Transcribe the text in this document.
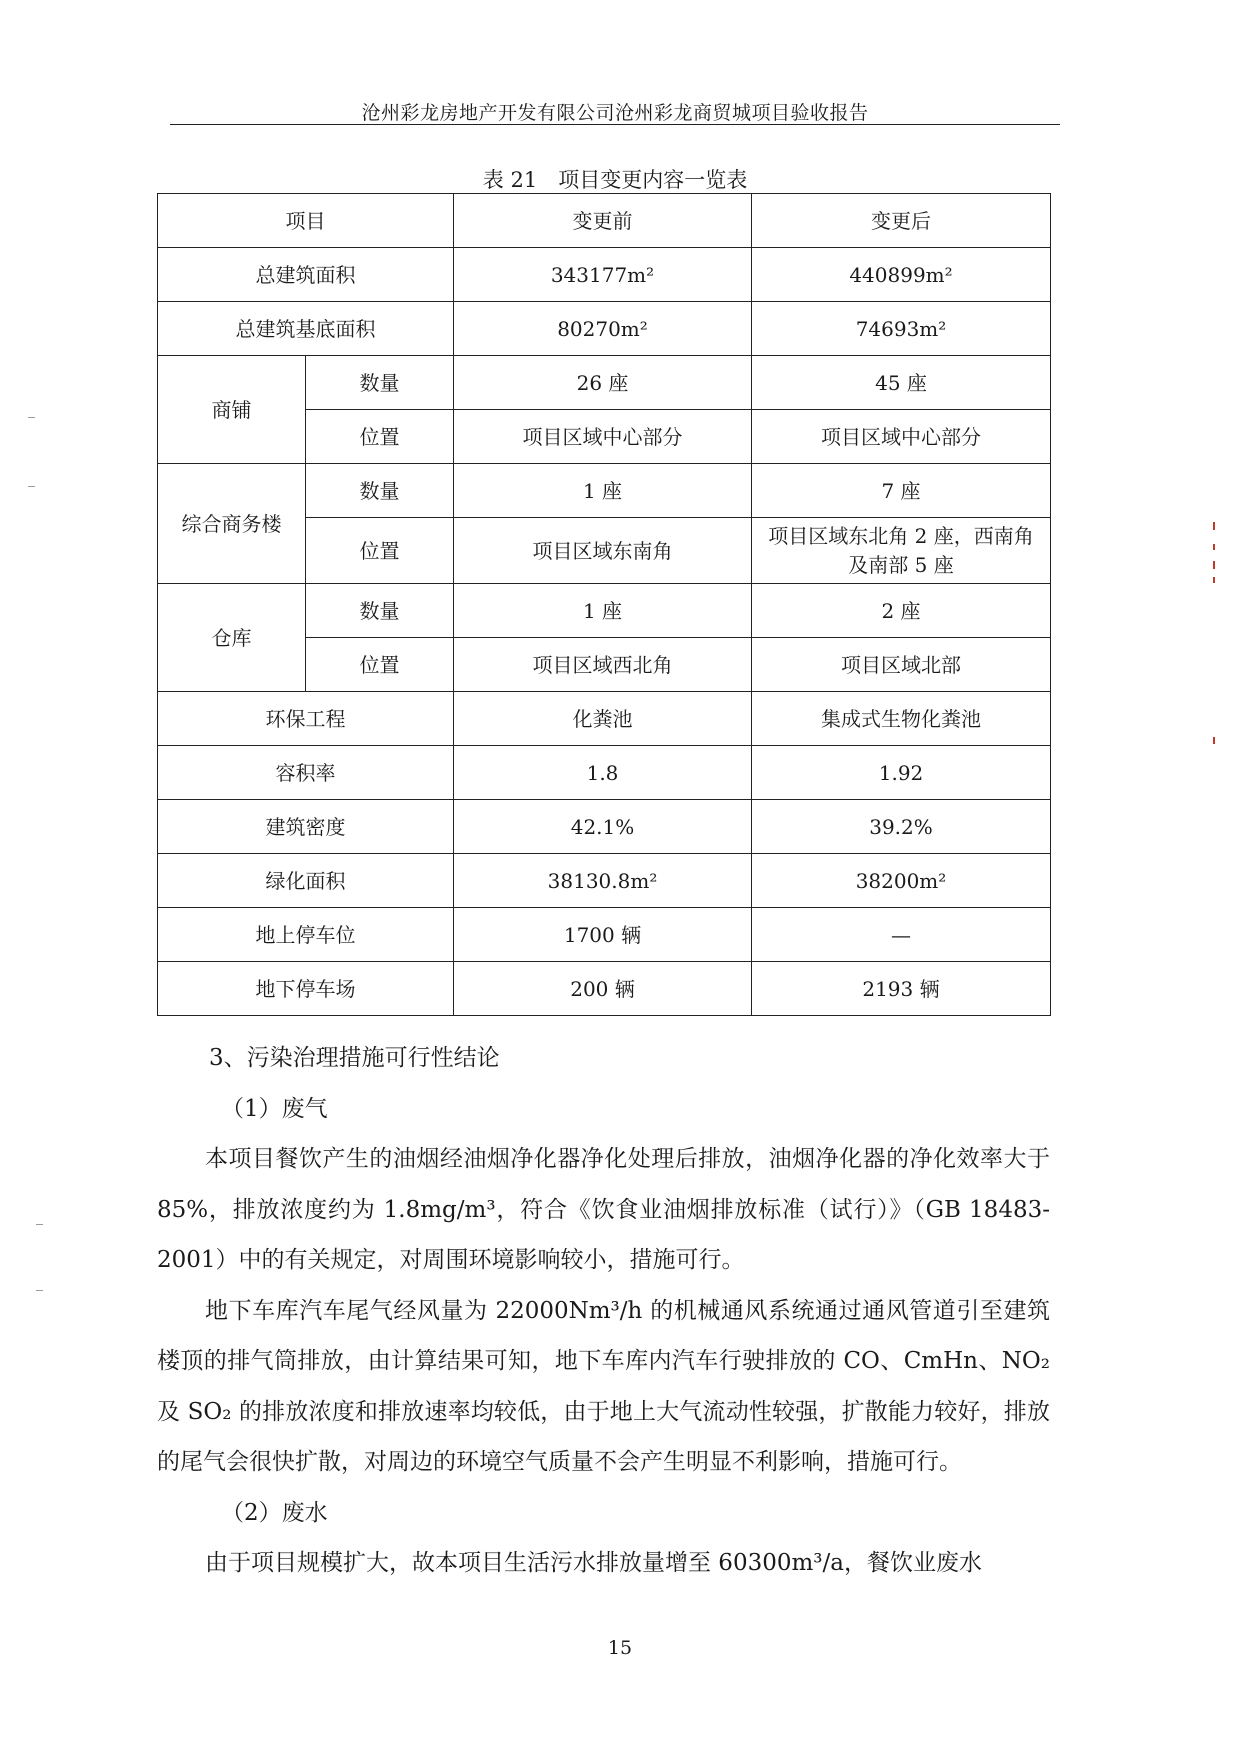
沧州彩龙房地产开发有限公司沧州彩龙商贸城项目验收报告
表 21　项目变更内容一览表
项目		变更前	变更后
总建筑面积		343177m²	440899m²
总建筑基底面积		80270m²	74693m²
商铺	数量	26 座	45 座
	位置	项目区域中心部分	项目区域中心部分
综合商务楼	数量	1 座	7 座
	位置	项目区域东南角	项目区域东北角 2 座，西南角及南部 5 座
仓库	数量	1 座	2 座
	位置	项目区域西北角	项目区域北部
环保工程		化粪池	集成式生物化粪池
容积率		1.8	1.92
建筑密度		42.1%	39.2%
绿化面积		38130.8m²	38200m²
地上停车位		1700 辆	—
地下停车场		200 辆	2193 辆

3、污染治理措施可行性结论

（1）废气

本项目餐饮产生的油烟经油烟净化器净化处理后排放，油烟净化器的净化效率大于 85%，排放浓度约为 1.8mg/m³，符合《饮食业油烟排放标准（试行）》（GB 18483-2001）中的有关规定，对周围环境影响较小，措施可行。

地下车库汽车尾气经风量为 22000Nm³/h 的机械通风系统通过通风管道引至建筑楼顶的排气筒排放，由计算结果可知，地下车库内汽车行驶排放的 CO、CmHn、NO₂ 及 SO₂ 的排放浓度和排放速率均较低，由于地上大气流动性较强，扩散能力较好，排放的尾气会很快扩散，对周边的环境空气质量不会产生明显不利影响，措施可行。

（2）废水

由于项目规模扩大，故本项目生活污水排放量增至 60300m³/a，餐饮业废水

15
